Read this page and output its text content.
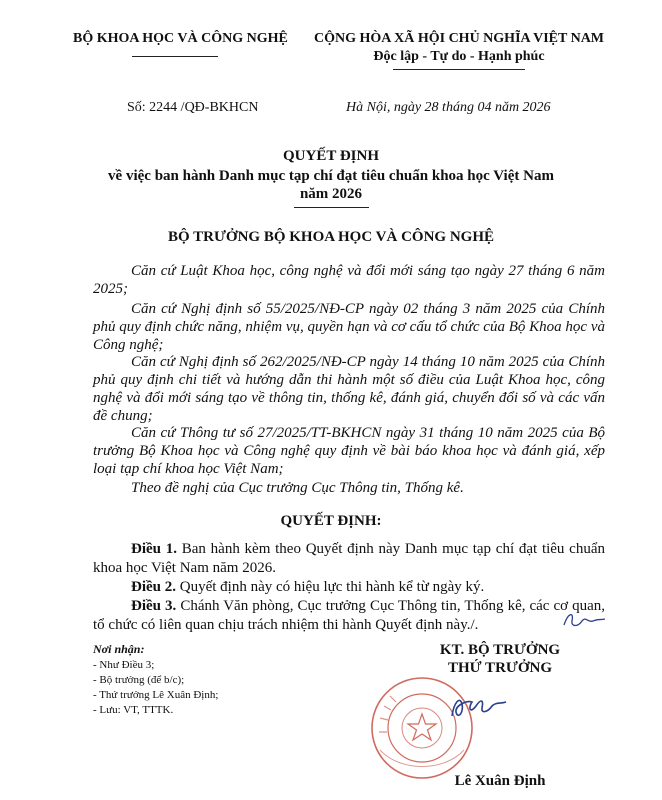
BỘ KHOA HỌC VÀ CÔNG NGHỆ CỘNG HÒA XÃ HỘI CHỦ NGHĨA VIỆT NAM
Độc lập - Tự do - Hạnh phúc
Số: 2244 /QĐ-BKHCN	Hà Nội, ngày 28 tháng 04 năm 2026
QUYẾT ĐỊNH
về việc ban hành Danh mục tạp chí đạt tiêu chuẩn khoa học Việt Nam
năm 2026
BỘ TRƯỞNG BỘ KHOA HỌC VÀ CÔNG NGHỆ
Căn cứ Luật Khoa học, công nghệ và đổi mới sáng tạo ngày 27 tháng 6 năm 2025;
Căn cứ Nghị định số 55/2025/NĐ-CP ngày 02 tháng 3 năm 2025 của Chính phủ quy định chức năng, nhiệm vụ, quyền hạn và cơ cấu tổ chức của Bộ Khoa học và Công nghệ;
Căn cứ Nghị định số 262/2025/NĐ-CP ngày 14 tháng 10 năm 2025 của Chính phủ quy định chi tiết và hướng dẫn thi hành một số điều của Luật Khoa học, công nghệ và đổi mới sáng tạo về thông tin, thống kê, đánh giá, chuyển đổi số và các vấn đề chung;
Căn cứ Thông tư số 27/2025/TT-BKHCN ngày 31 tháng 10 năm 2025 của Bộ trưởng Bộ Khoa học và Công nghệ quy định về bài báo khoa học và đánh giá, xếp loại tạp chí khoa học Việt Nam;
Theo đề nghị của Cục trưởng Cục Thông tin, Thống kê.
QUYẾT ĐỊNH:
Điều 1. Ban hành kèm theo Quyết định này Danh mục tạp chí đạt tiêu chuẩn khoa học Việt Nam năm 2026.
Điều 2. Quyết định này có hiệu lực thi hành kể từ ngày ký.
Điều 3. Chánh Văn phòng, Cục trưởng Cục Thông tin, Thống kê, các cơ quan, tổ chức có liên quan chịu trách nhiệm thi hành Quyết định này./.
Nơi nhận:
- Như Điều 3;
- Bộ trưởng (để b/c);
- Thứ trưởng Lê Xuân Định;
- Lưu: VT, TTTK.
KT. BỘ TRƯỞNG
THỨ TRƯỞNG
Lê Xuân Định
